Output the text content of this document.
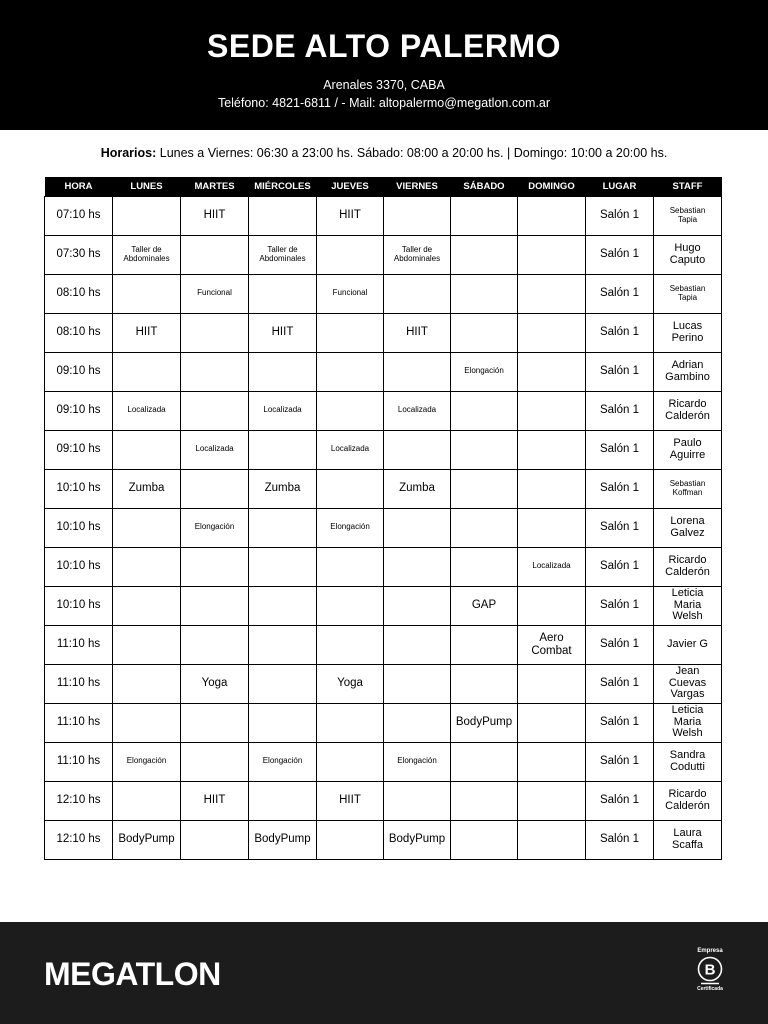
SEDE ALTO PALERMO
Arenales 3370, CABA
Teléfono: 4821-6811 / - Mail: altopalermo@megatlon.com.ar
Horarios: Lunes a Viernes: 06:30 a 23:00 hs. Sábado: 08:00 a 20:00 hs. | Domingo: 10:00 a 20:00 hs.
HORA	LUNES	MARTES	MIÉRCOLES	JUEVES	VIERNES	SÁBADO	DOMINGO	LUGAR	STAFF
07:10 hs		HIIT		HIIT				Salón 1	Sebastian
Tapia

07:30 hs	Taller de
Abdominales		Taller de
Abdominales		Taller de
Abdominales			Salón 1	Hugo
Caputo

08:10 hs		Funcional		Funcional				Salón 1	Sebastian
Tapia

08:10 hs	HIIT		HIIT		HIIT			Salón 1	Lucas
Perino

09:10 hs						Elongación		Salón 1	Adrian
Gambino

09:10 hs	Localizada		Localizada		Localizada			Salón 1	Ricardo
Calderón

09:10 hs		Localizada		Localizada				Salón 1	Paulo
Aguirre

10:10 hs	Zumba		Zumba		Zumba			Salón 1	Sebastian
Koffman

10:10 hs		Elongación		Elongación				Salón 1	Lorena
Galvez

10:10 hs							Localizada	Salón 1	Ricardo
Calderón

10:10 hs						GAP		Salón 1	Leticia
Maria
Welsh

11:10 hs							Aero
Combat	Salón 1	Javier G

11:10 hs		Yoga		Yoga				Salón 1	Jean
Cuevas
Vargas

11:10 hs						BodyPump		Salón 1	Leticia
Maria
Welsh

11:10 hs	Elongación		Elongación		Elongación			Salón 1	Sandra
Codutti

12:10 hs		HIIT		HIIT				Salón 1	Ricardo
Calderón

12:10 hs	BodyPump		BodyPump		BodyPump			Salón 1	Laura
Scaffa
MEGATLON
Empresa
B
Certificada
